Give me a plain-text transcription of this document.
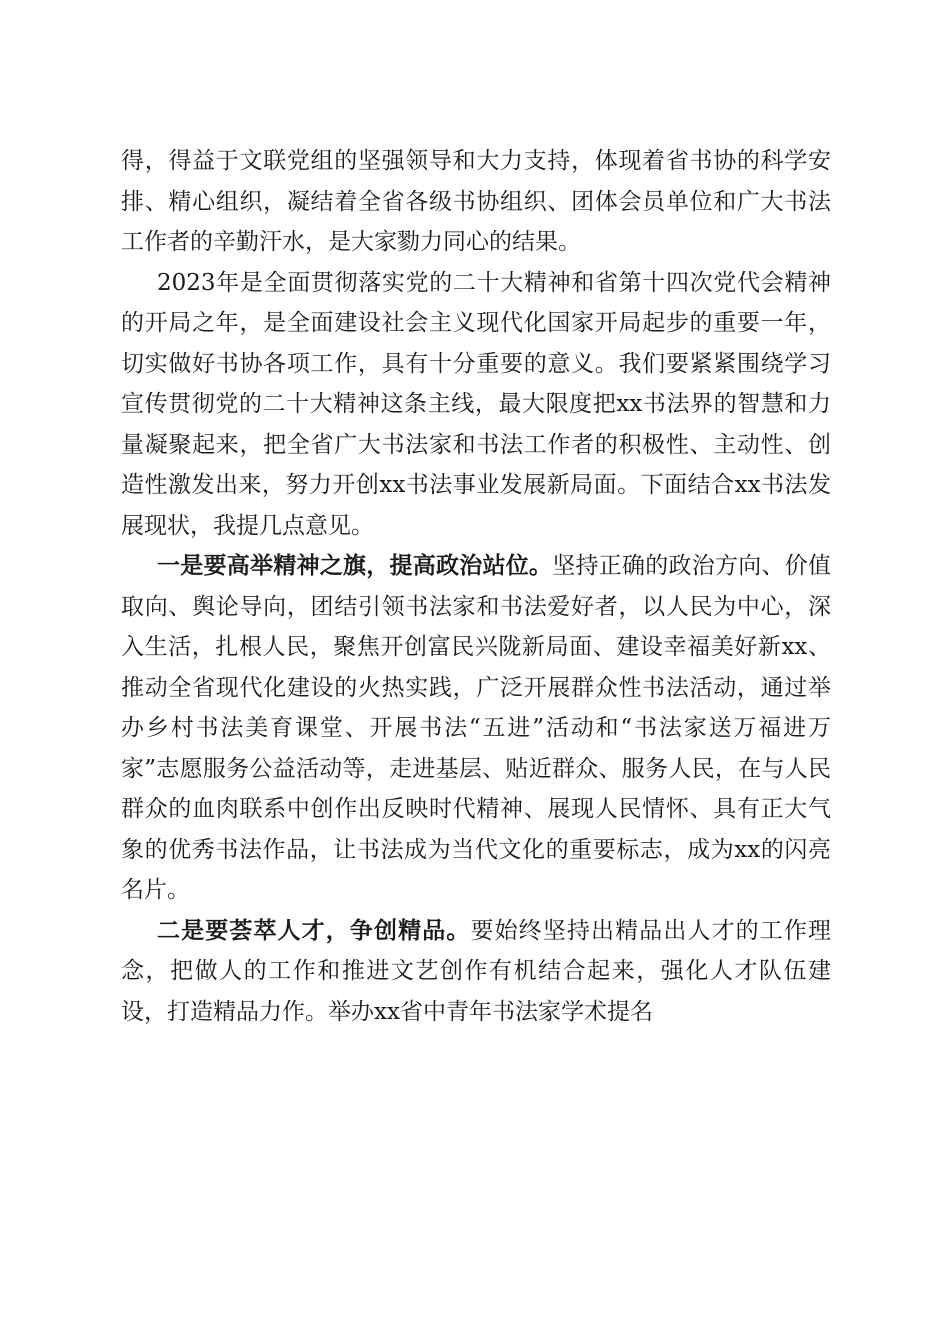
得，得益于文联党组的坚强领导和大力支持，体现着省书协的科学安排、精心组织，凝结着全省各级书协组织、团体会员单位和广大书法工作者的辛勤汗水，是大家勠力同心的结果。

2023年是全面贯彻落实党的二十大精神和省第十四次党代会精神的开局之年，是全面建设社会主义现代化国家开局起步的重要一年，切实做好书协各项工作，具有十分重要的意义。我们要紧紧围绕学习宣传贯彻党的二十大精神这条主线，最大限度把xx书法界的智慧和力量凝聚起来，把全省广大书法家和书法工作者的积极性、主动性、创造性激发出来，努力开创xx书法事业发展新局面。下面结合xx书法发展现状，我提几点意见。

一是要高举精神之旗，提高政治站位。坚持正确的政治方向、价值取向、舆论导向，团结引领书法家和书法爱好者，以人民为中心，深入生活，扎根人民，聚焦开创富民兴陇新局面、建设幸福美好新xx、推动全省现代化建设的火热实践，广泛开展群众性书法活动，通过举办乡村书法美育课堂、开展书法“五进”活动和“书法家送万福进万家”志愿服务公益活动等，走进基层、贴近群众、服务人民，在与人民群众的血肉联系中创作出反映时代精神、展现人民情怀、具有正大气象的优秀书法作品，让书法成为当代文化的重要标志，成为xx的闪亮名片。

二是要荟萃人才，争创精品。要始终坚持出精品出人才的工作理念，把做人的工作和推进文艺创作有机结合起来，强化人才队伍建设，打造精品力作。举办xx省中青年书法家学术提名
